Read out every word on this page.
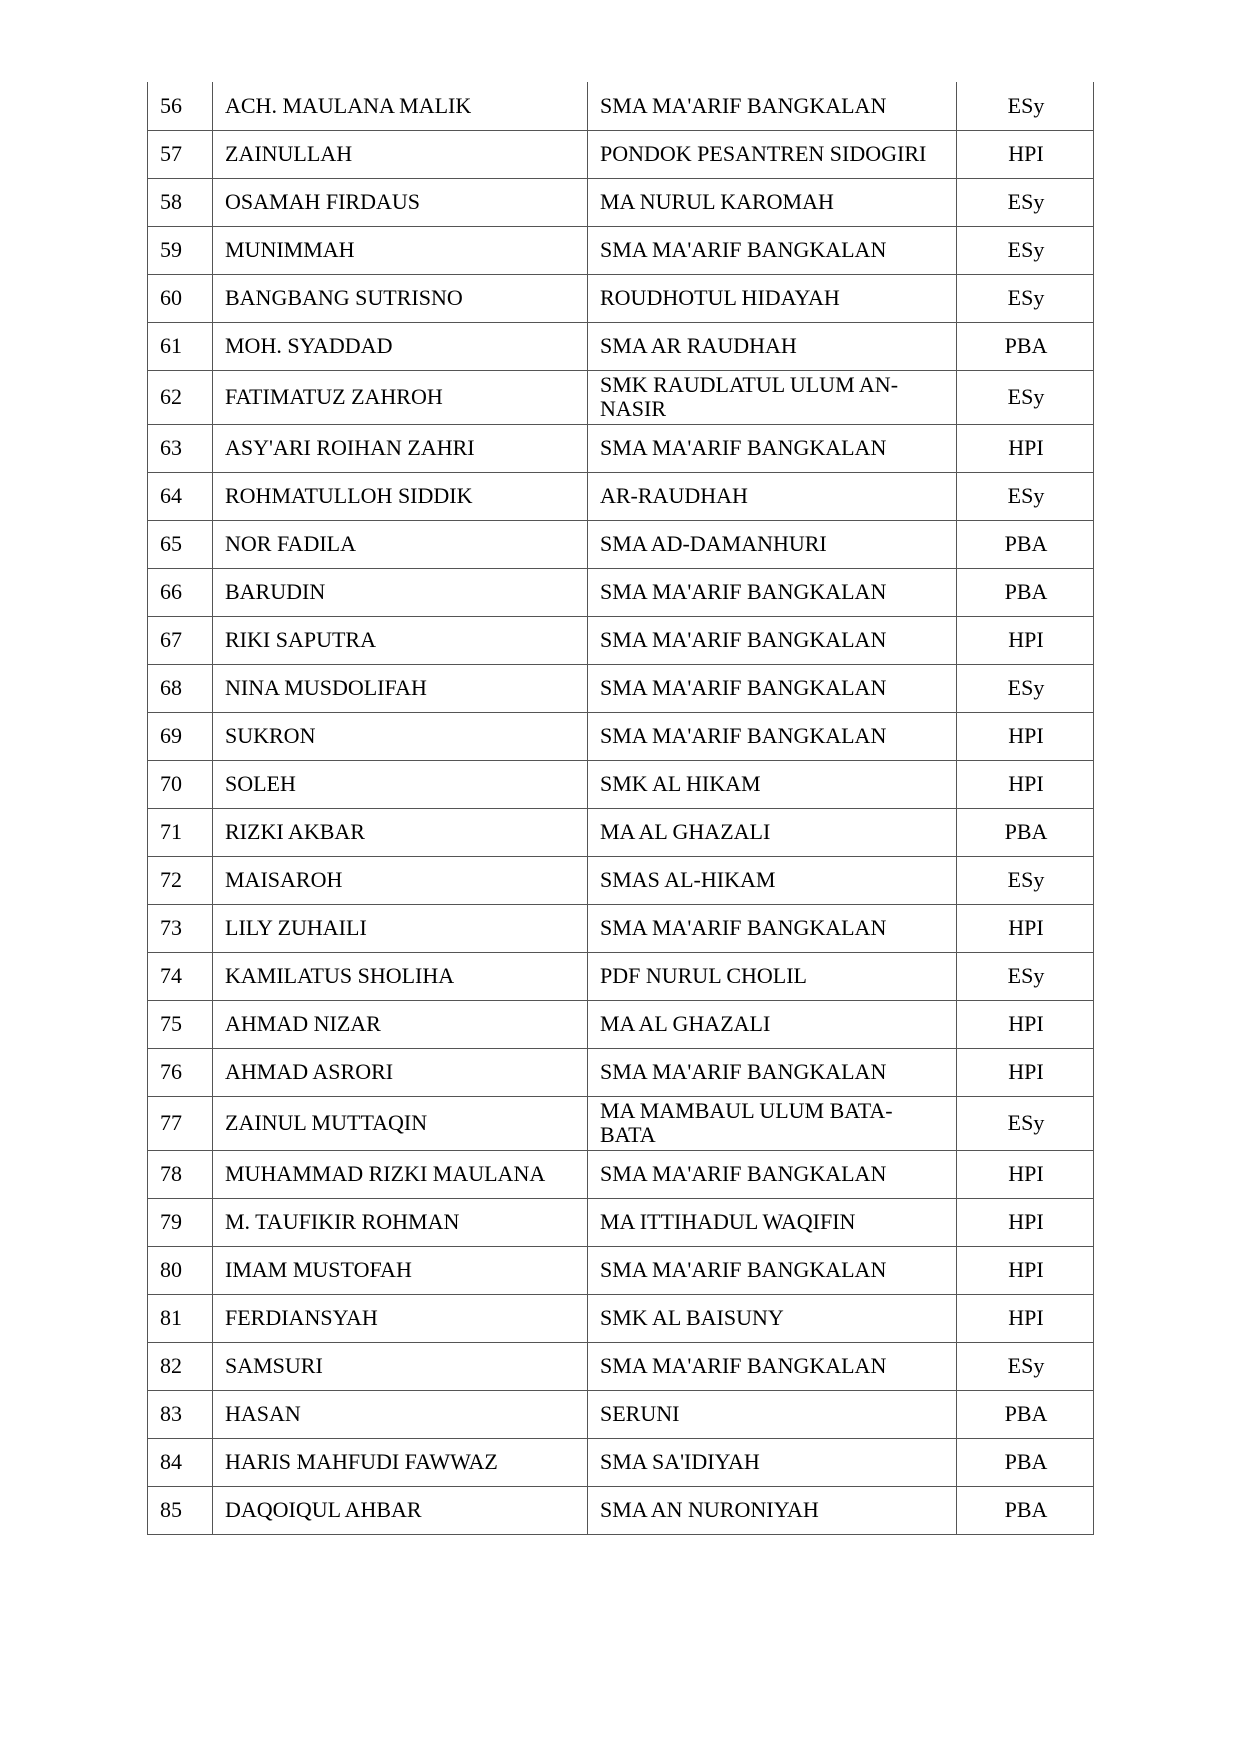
56	ACH. MAULANA MALIK	SMA MA'ARIF BANGKALAN	ESy
57	ZAINULLAH	PONDOK PESANTREN SIDOGIRI	HPI
58	OSAMAH FIRDAUS	MA NURUL KAROMAH	ESy
59	MUNIMMAH	SMA MA'ARIF BANGKALAN	ESy
60	BANGBANG SUTRISNO	ROUDHOTUL HIDAYAH	ESy
61	MOH. SYADDAD	SMA AR RAUDHAH	PBA
62	FATIMATUZ ZAHROH	SMK RAUDLATUL ULUM AN-NASIR	ESy
63	ASY'ARI ROIHAN ZAHRI	SMA MA'ARIF BANGKALAN	HPI
64	ROHMATULLOH SIDDIK	AR-RAUDHAH	ESy
65	NOR FADILA	SMA AD-DAMANHURI	PBA
66	BARUDIN	SMA MA'ARIF BANGKALAN	PBA
67	RIKI SAPUTRA	SMA MA'ARIF BANGKALAN	HPI
68	NINA MUSDOLIFAH	SMA MA'ARIF BANGKALAN	ESy
69	SUKRON	SMA MA'ARIF BANGKALAN	HPI
70	SOLEH	SMK AL HIKAM	HPI
71	RIZKI AKBAR	MA AL GHAZALI	PBA
72	MAISAROH	SMAS AL-HIKAM	ESy
73	LILY ZUHAILI	SMA MA'ARIF BANGKALAN	HPI
74	KAMILATUS SHOLIHA	PDF NURUL CHOLIL	ESy
75	AHMAD NIZAR	MA AL GHAZALI	HPI
76	AHMAD ASRORI	SMA MA'ARIF BANGKALAN	HPI
77	ZAINUL MUTTAQIN	MA MAMBAUL ULUM BATA-BATA	ESy
78	MUHAMMAD RIZKI MAULANA	SMA MA'ARIF BANGKALAN	HPI
79	M. TAUFIKIR ROHMAN	MA ITTIHADUL WAQIFIN	HPI
80	IMAM MUSTOFAH	SMA MA'ARIF BANGKALAN	HPI
81	FERDIANSYAH	SMK AL BAISUNY	HPI
82	SAMSURI	SMA MA'ARIF BANGKALAN	ESy
83	HASAN	SERUNI	PBA
84	HARIS MAHFUDI FAWWAZ	SMA SA'IDIYAH	PBA
85	DAQOIQUL AHBAR	SMA AN NURONIYAH	PBA
